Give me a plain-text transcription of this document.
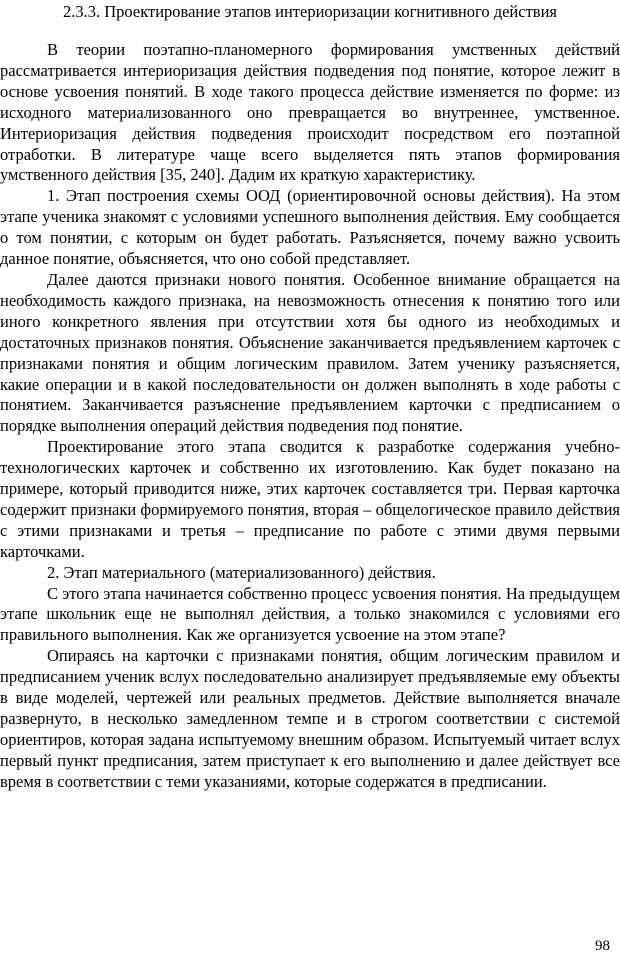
2.3.3. Проектирование этапов интериоризации когнитивного действия

В теории поэтапно-планомерного формирования умственных действий рассматривается интериоризация действия подведения под понятие, которое лежит в основе усвоения понятий. В ходе такого процесса действие изменяется по форме: из исходного материализованного оно превращается во внутреннее, умственное. Интериоризация действия подведения происходит посредством его поэтапной отработки. В литературе чаще всего выделяется пять этапов формирования умственного действия [35, 240]. Дадим их краткую характеристику.

1. Этап построения схемы ООД (ориентировочной основы действия). На этом этапе ученика знакомят с условиями успешного выполнения действия. Ему сообщается о том понятии, с которым он будет работать. Разъясняется, почему важно усвоить данное понятие, объясняется, что оно собой представляет.

Далее даются признаки нового понятия. Особенное внимание обращается на необходимость каждого признака, на невозможность отнесения к понятию того или иного конкретного явления при отсутствии хотя бы одного из необходимых и достаточных признаков понятия. Объяснение заканчивается предъявлением карточек с признаками понятия и общим логическим правилом. Затем ученику разъясняется, какие операции и в какой последовательности он должен выполнять в ходе работы с понятием. Заканчивается разъяснение предъявлением карточки с предписанием о порядке выполнения операций действия подведения под понятие.

Проектирование этого этапа сводится к разработке содержания учебно-технологических карточек и собственно их изготовлению. Как будет показано на примере, который приводится ниже, этих карточек составляется три. Первая карточка содержит признаки формируемого понятия, вторая – общелогическое правило действия с этими признаками и третья – предписание по работе с этими двумя первыми карточками.

2. Этап материального (материализованного) действия.

С этого этапа начинается собственно процесс усвоения понятия. На предыдущем этапе школьник еще не выполнял действия, а только знакомился с условиями его правильного выполнения. Как же организуется усвоение на этом этапе?

Опираясь на карточки с признаками понятия, общим логическим правилом и предписанием ученик вслух последовательно анализирует предъявляемые ему объекты в виде моделей, чертежей или реальных предметов. Действие выполняется вначале развернуто, в несколько замедленном темпе и в строгом соответствии с системой ориентиров, которая задана испытуемому внешним образом. Испытуемый читает вслух первый пункт предписания, затем приступает к его выполнению и далее действует все время в соответствии с теми указаниями, которые содержатся в предписании.

98
